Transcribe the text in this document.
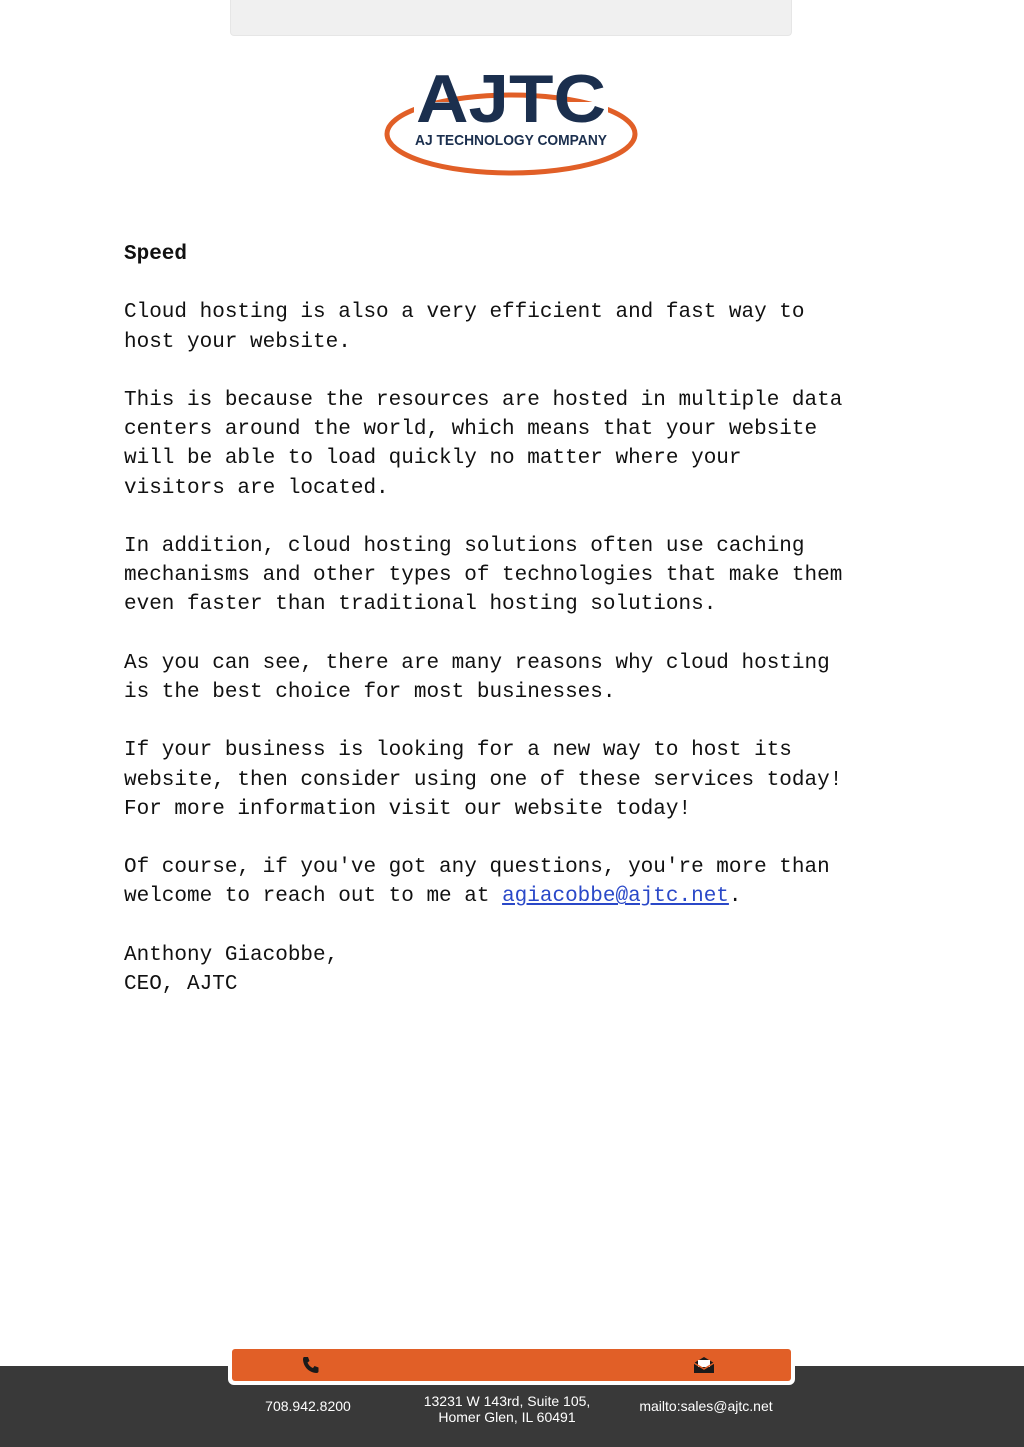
AJTC
AJ TECHNOLOGY COMPANY
Speed
Cloud hosting is also a very efficient and fast way to
host your website.
This is because the resources are hosted in multiple data
centers around the world, which means that your website
will be able to load quickly no matter where your
visitors are located.
In addition, cloud hosting solutions often use caching
mechanisms and other types of technologies that make them
even faster than traditional hosting solutions.
As you can see, there are many reasons why cloud hosting
is the best choice for most businesses.
If your business is looking for a new way to host its
website, then consider using one of these services today!
For more information visit our website today!
Of course, if you've got any questions, you're more than
welcome to reach out to me at agiacobbe@ajtc.net.
Anthony Giacobbe,
CEO, AJTC
708.942.8200	13231 W 143rd, Suite 105,
Homer Glen, IL 60491
mailto:sales@ajtc.net
